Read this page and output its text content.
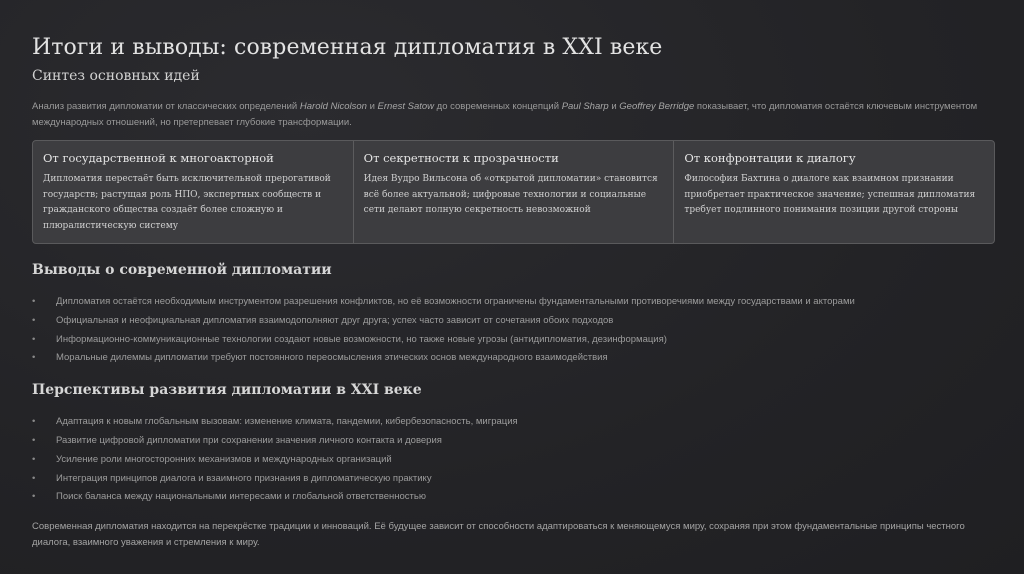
Итоги и выводы: современная дипломатия в XXI веке
Синтез основных идей
Анализ развития дипломатии от классических определений Harold Nicolson и Ernest Satow до современных концепций Paul Sharp и Geoffrey Berridge показывает, что дипломатия остаётся ключевым инструментом международных отношений, но претерпевает глубокие трансформации.
От государственной к многоакторной
Дипломатия перестаёт быть исключительной прерогативой государств; растущая роль НПО, экспертных сообществ и гражданского общества создаёт более сложную и плюралистическую систему
От секретности к прозрачности
Идея Вудро Вильсона об «открытой дипломатии» становится всё более актуальной; цифровые технологии и социальные сети делают полную секретность невозможной
От конфронтации к диалогу
Философия Бахтина о диалоге как взаимном признании приобретает практическое значение; успешная дипломатия требует подлинного понимания позиции другой стороны
Выводы о современной дипломатии
• Дипломатия остаётся необходимым инструментом разрешения конфликтов, но её возможности ограничены фундаментальными противоречиями между государствами и акторами
• Официальная и неофициальная дипломатия взаимодополняют друг друга; успех часто зависит от сочетания обоих подходов
• Информационно-коммуникационные технологии создают новые возможности, но также новые угрозы (антидипломатия, дезинформация)
• Моральные дилеммы дипломатии требуют постоянного переосмысления этических основ международного взаимодействия
Перспективы развития дипломатии в XXI веке
• Адаптация к новым глобальным вызовам: изменение климата, пандемии, кибербезопасность, миграция
• Развитие цифровой дипломатии при сохранении значения личного контакта и доверия
• Усиление роли многосторонних механизмов и международных организаций
• Интеграция принципов диалога и взаимного признания в дипломатическую практику
• Поиск баланса между национальными интересами и глобальной ответственностью
Современная дипломатия находится на перекрёстке традиции и инноваций. Её будущее зависит от способности адаптироваться к меняющемуся миру, сохраняя при этом фундаментальные принципы честного диалога, взаимного уважения и стремления к миру.
